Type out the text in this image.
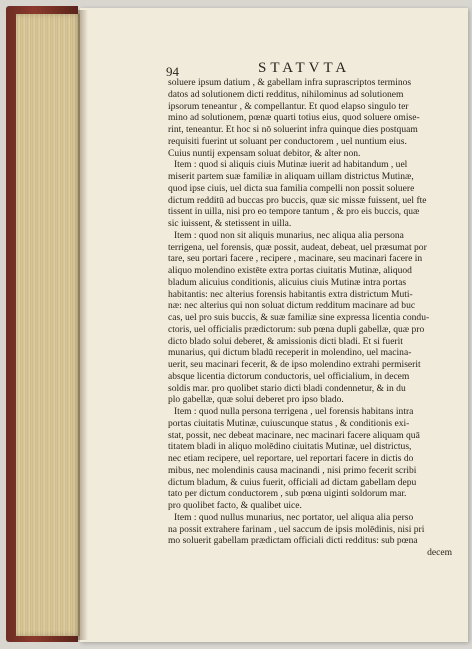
94	STATVTA
soluere ipsum datium , & gabellam infra suprascriptos terminos
datos ad solutionem dicti redditus, nihilominus ad solutionem
ipsorum teneantur , & compellantur. Et quod elapso singulo ter
mino ad solutionem, pœnæ quarti totius eius, quod soluere omise-
rint, teneantur. Et hoc si nō soluerint infra quinque dies postquam
requisiti fuerint ut soluant per conductorem , uel nuntium eius.
Cuius nuntij expensam soluat debitor, & alter non.
Item : quod si aliquis ciuis Mutinæ iuerit ad habitandum , uel
miserit partem suæ familiæ in aliquam uillam districtus Mutinæ,
quod ipse ciuis, uel dicta sua familia compelli non possit soluere
dictum redditū ad buccas pro buccis, quæ sic missæ fuissent, uel fte
tissent in uilla, nisi pro eo tempore tantum , & pro eis buccis, quæ
sic iuissent, & stetissent in uilla.
Item : quod non sit aliquis munarius, nec aliqua alia persona
terrigena, uel forensis, quæ possit, audeat, debeat, uel præsumat por
tare, seu portari facere , recipere , macinare, seu macinari facere in
aliquo molendino existēte extra portas ciuitatis Mutinæ, aliquod
bladum alicuius conditionis, alicuius ciuis Mutinæ intra portas
habitantis: nec alterius forensis habitantis extra districtum Muti-
næ: nec alterius qui non soluat dictum redditum macinare ad buc
cas, uel pro suis buccis, & suæ familiæ sine expressa licentia condu-
ctoris, uel officialis prædictorum: sub pœna dupli gabellæ, quæ pro
dicto blado solui deberet, & amissionis dicti bladi. Et si fuerit
munarius, qui dictum bladū receperit in molendino, uel macina-
uerit, seu macinari fecerit, & de ipso molendino extrahi permiserit
absque licentia dictorum conductoris, uel officialium, in decem
soldis mar. pro quolibet stario dicti bladi condennetur, & in du
plo gabellæ, quæ solui deberet pro ipso blado.
Item : quod nulla persona terrigena , uel forensis habitans intra
portas ciuitatis Mutinæ, cuiuscunque status , & conditionis exi-
stat, possit, nec debeat macinare, nec macinari facere aliquam quā
titatem bladi in aliquo molēdino ciuitatis Mutinæ, uel districtus,
nec etiam recipere, uel reportare, uel reportari facere in dictis do
mibus, nec molendinis causa macinandi , nisi primo fecerit scribi
dictum bladum, & cuius fuerit, officiali ad dictam gabellam depu
tato per dictum conductorem , sub pœna uiginti soldorum mar.
pro quolibet facto, & qualibet uice.
Item : quod nullus munarius, nec portator, uel aliqua alia perso
na possit extrahere farinam , uel saccum de ipsis molēdinis, nisi pri
mo soluerit gabellam prædictam officiali dicti redditus: sub pœna
decem
